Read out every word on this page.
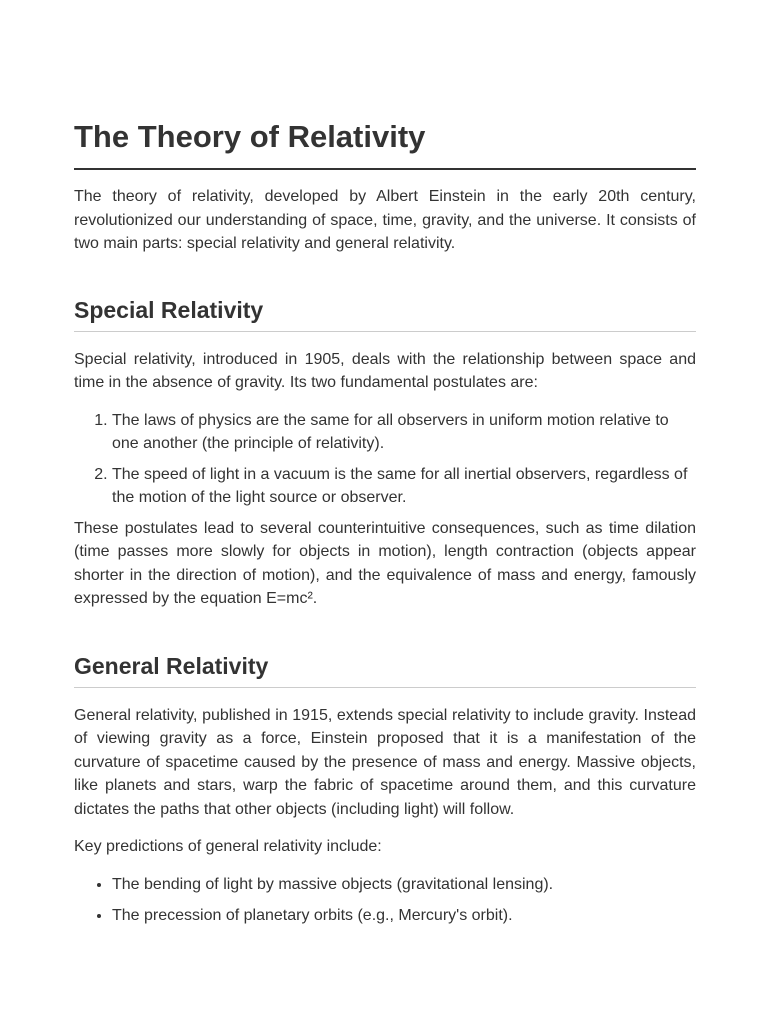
The Theory of Relativity

The theory of relativity, developed by Albert Einstein in the early 20th century, revolutionized our understanding of space, time, gravity, and the universe. It consists of two main parts: special relativity and general relativity.

Special Relativity

Special relativity, introduced in 1905, deals with the relationship between space and time in the absence of gravity. Its two fundamental postulates are:

1. The laws of physics are the same for all observers in uniform motion relative to one another (the principle of relativity).
2. The speed of light in a vacuum is the same for all inertial observers, regardless of the motion of the light source or observer.

These postulates lead to several counterintuitive consequences, such as time dilation (time passes more slowly for objects in motion), length contraction (objects appear shorter in the direction of motion), and the equivalence of mass and energy, famously expressed by the equation E=mc².

General Relativity

General relativity, published in 1915, extends special relativity to include gravity. Instead of viewing gravity as a force, Einstein proposed that it is a manifestation of the curvature of spacetime caused by the presence of mass and energy. Massive objects, like planets and stars, warp the fabric of spacetime around them, and this curvature dictates the paths that other objects (including light) will follow.

Key predictions of general relativity include:

• The bending of light by massive objects (gravitational lensing).
• The precession of planetary orbits (e.g., Mercury's orbit).
